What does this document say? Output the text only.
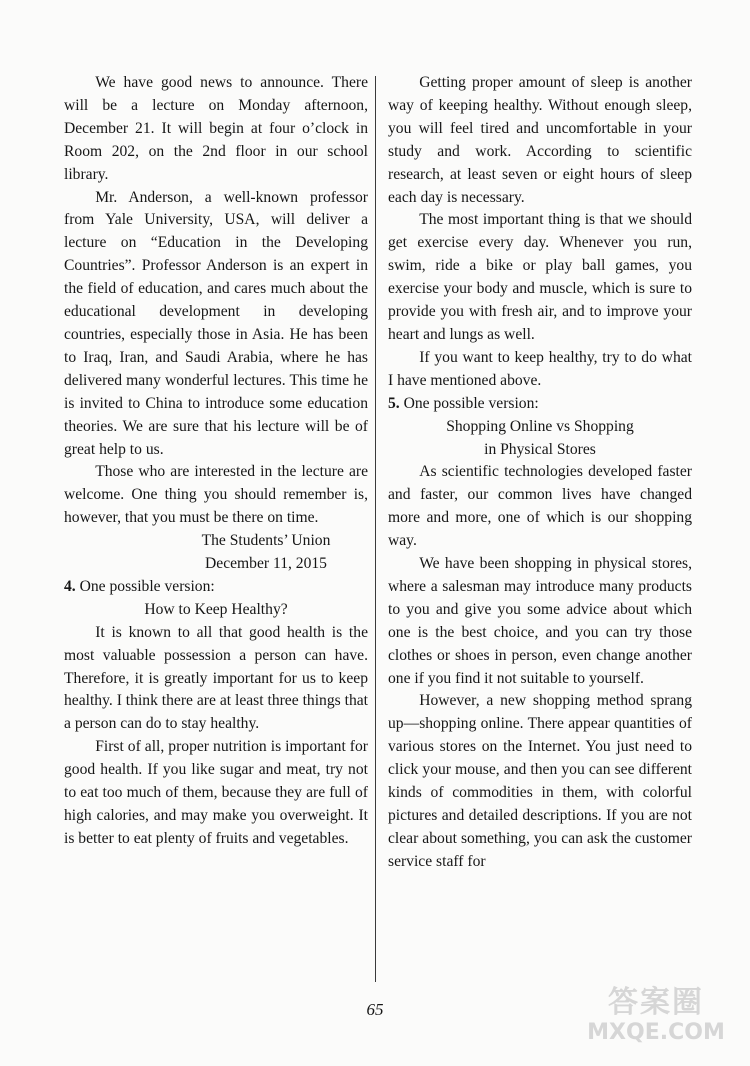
We have good news to announce. There will be a lecture on Monday afternoon, December 21. It will begin at four o’clock in Room 202, on the 2nd floor in our school library.

Mr. Anderson, a well-known professor from Yale University, USA, will deliver a lecture on “Education in the Developing Countries”. Professor Anderson is an expert in the field of education, and cares much about the educational development in developing countries, especially those in Asia. He has been to Iraq, Iran, and Saudi Arabia, where he has delivered many wonderful lectures. This time he is invited to China to introduce some education theories. We are sure that his lecture will be of great help to us.

Those who are interested in the lecture are welcome. One thing you should remember is, however, that you must be there on time.

The Students’ Union

December 11, 2015

4. One possible version:

How to Keep Healthy?

It is known to all that good health is the most valuable possession a person can have. Therefore, it is greatly important for us to keep healthy. I think there are at least three things that a person can do to stay healthy.

First of all, proper nutrition is important for good health. If you like sugar and meat, try not to eat too much of them, because they are full of high calories, and may make you overweight. It is better to eat plenty of fruits and vegetables.

Getting proper amount of sleep is another way of keeping healthy. Without enough sleep, you will feel tired and uncomfortable in your study and work. According to scientific research, at least seven or eight hours of sleep each day is necessary.

The most important thing is that we should get exercise every day. Whenever you run, swim, ride a bike or play ball games, you exercise your body and muscle, which is sure to provide you with fresh air, and to improve your heart and lungs as well.

If you want to keep healthy, try to do what I have mentioned above.

5. One possible version:

Shopping Online vs Shopping

in Physical Stores

As scientific technologies developed faster and faster, our common lives have changed more and more, one of which is our shopping way.

We have been shopping in physical stores, where a salesman may introduce many products to you and give you some advice about which one is the best choice, and you can try those clothes or shoes in person, even change another one if you find it not suitable to yourself.

However, a new shopping method sprang up—shopping online. There appear quantities of various stores on the Internet. You just need to click your mouse, and then you can see different kinds of commodities in them, with colorful pictures and detailed descriptions. If you are not clear about something, you can ask the customer service staff for

65	答案圈
MXQE.COM
